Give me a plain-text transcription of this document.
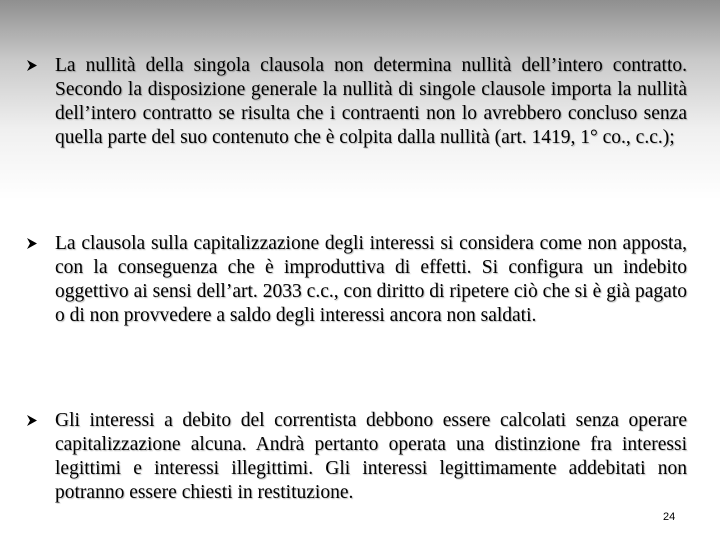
La nullità della singola clausola non determina nullità dell’intero contratto. Secondo la disposizione generale la nullità di singole clausole importa la nullità dell’intero contratto se risulta che i contraenti non lo avrebbero concluso senza quella parte del suo contenuto che è colpita dalla nullità (art. 1419, 1° co., c.c.);

La clausola sulla capitalizzazione degli interessi si considera come non apposta, con la conseguenza che è improduttiva di effetti. Si configura un indebito oggettivo ai sensi dell’art. 2033 c.c., con diritto di ripetere ciò che si è già pagato o di non provvedere a saldo degli interessi ancora non saldati.

Gli interessi a debito del correntista debbono essere calcolati senza operare capitalizzazione alcuna. Andrà pertanto operata una distinzione fra interessi legittimi e interessi illegittimi. Gli interessi legittimamente addebitati non potranno essere chiesti in restituzione.

24
